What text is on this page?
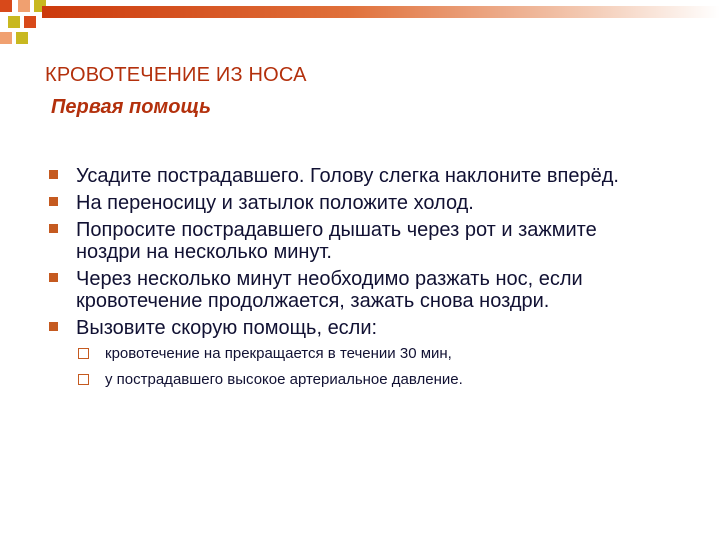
КРОВОТЕЧЕНИЕ ИЗ НОСА
Первая помощь
Усадите пострадавшего. Голову слегка наклоните вперёд.
На переносицу и затылок положите холод.
Попросите пострадавшего дышать через рот и зажмите ноздри на несколько минут.
Через несколько минут необходимо разжать нос, если кровотечение продолжается, зажать снова ноздри.
Вызовите скорую помощь, если:
кровотечение на прекращается в течении 30 мин,
у пострадавшего высокое артериальное давление.
